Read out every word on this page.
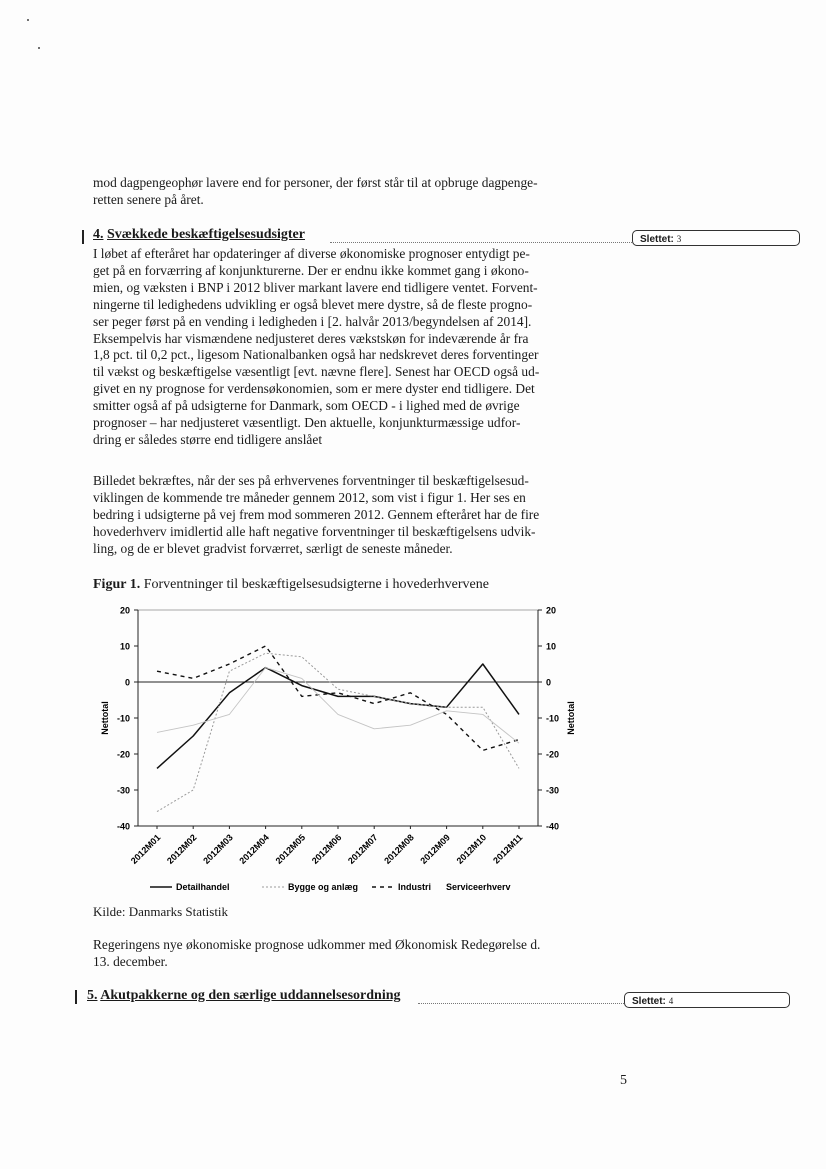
mod dagpengeophør lavere end for personer, der først står til at opbruge dagpenge-
retten senere på året.

4. Svækkede beskæftigelsesudsigter	Slettet: 3

I løbet af efteråret har opdateringer af diverse økonomiske prognoser entydigt pe-
get på en forværring af konjunkturerne. Der er endnu ikke kommet gang i økono-
mien, og væksten i BNP i 2012 bliver markant lavere end tidligere ventet. Forvent-
ningerne til ledighedens udvikling er også blevet mere dystre, så de fleste progno-
ser peger først på en vending i ledigheden i [2. halvår 2013/begyndelsen af 2014].
Eksempelvis har vismændene nedjusteret deres vækstskøn for indeværende år fra
1,8 pct. til 0,2 pct., ligesom Nationalbanken også har nedskrevet deres forventinger
til vækst og beskæftigelse væsentligt [evt. nævne flere]. Senest har OECD også ud-
givet en ny prognose for verdensøkonomien, som er mere dyster end tidligere. Det
smitter også af på udsigterne for Danmark, som OECD - i lighed med de øvrige
prognoser – har nedjusteret væsentligt. Den aktuelle, konjunkturmæssige udfor-
dring er således større end tidligere anslået

Billedet bekræftes, når der ses på erhvervenes forventninger til beskæftigelsesud-
viklingen de kommende tre måneder gennem 2012, som vist i figur 1. Her ses en
bedring i udsigterne på vej frem mod sommeren 2012. Gennem efteråret har de fire
hovederhverv imidlertid alle haft negative forventninger til beskæftigelsens udvik-
ling, og de er blevet gradvist forværret, særligt de seneste måneder.

Figur 1. Forventninger til beskæftigelsesudsigterne i hovederhvervene
20	20
10	10
0	0
-10	-10
-20	-20
-30	-30
-40	-40
Nettotal	Nettotal
2012M01 2012M02 2012M03 2012M04 2012M05 2012M06 2012M07 2012M08 2012M09 2012M10 2012M11
Detailhandel	Bygge og anlæg	Industri Serviceerhverv
Kilde: Danmarks Statistik

Regeringens nye økonomiske prognose udkommer med Økonomisk Redegørelse d.
13. december.

5. Akutpakkerne og den særlige uddannelsesordning	Slettet: 4
5
